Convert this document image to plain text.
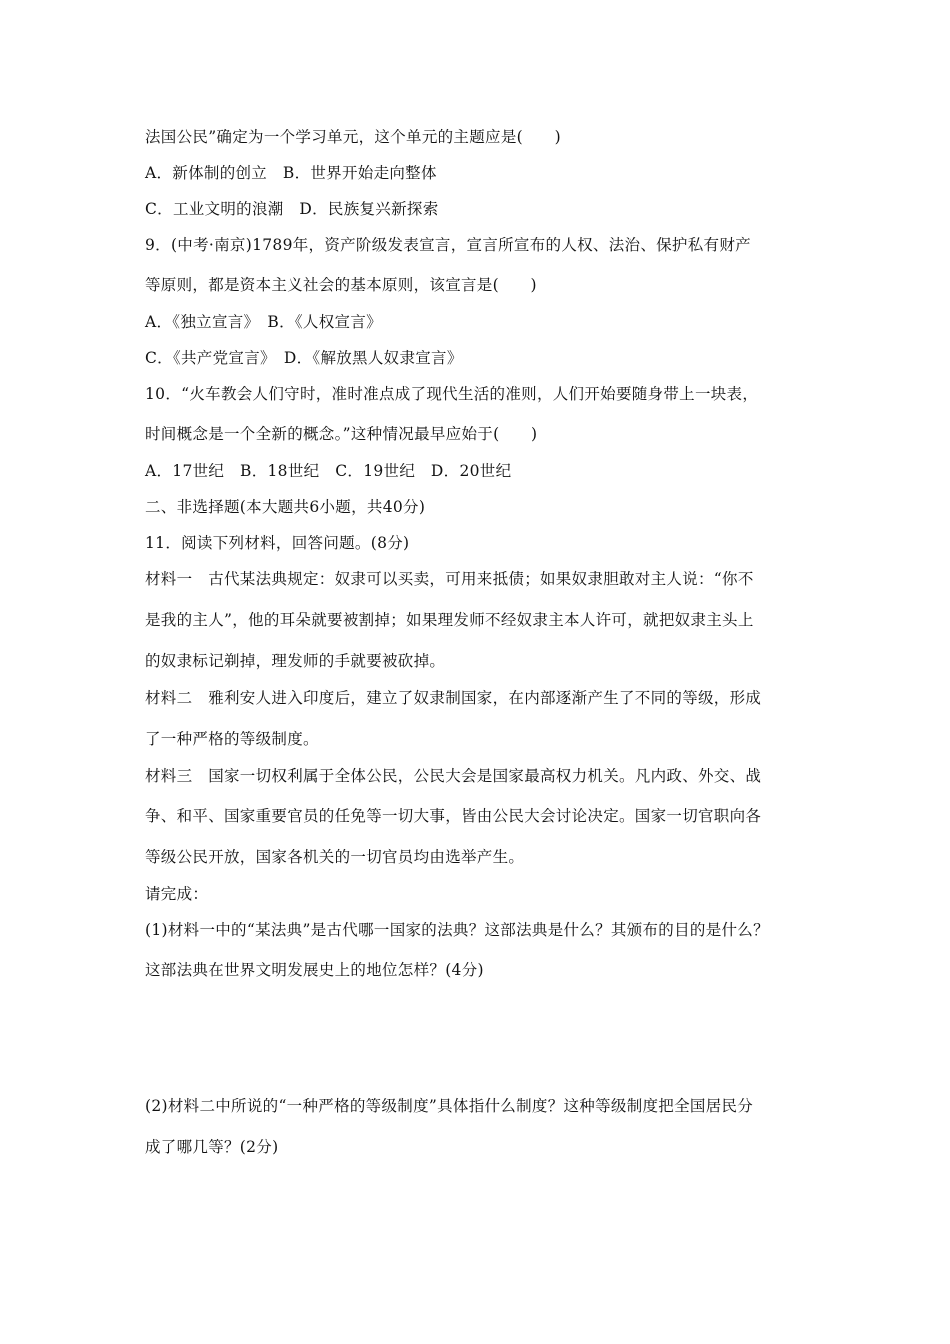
法国公民”确定为一个学习单元，这个单元的主题应是(　　)
A．新体制的创立　B．世界开始走向整体
C．工业文明的浪潮　D．民族复兴新探索
9．(中考·南京)1789年，资产阶级发表宣言，宣言所宣布的人权、法治、保护私有财产
等原则，都是资本主义社会的基本原则，该宣言是(　　)
A．《独立宣言》　B．《人权宣言》
C．《共产党宣言》　D．《解放黑人奴隶宣言》
10．“火车教会人们守时，准时准点成了现代生活的准则，人们开始要随身带上一块表，
时间概念是一个全新的概念。”这种情况最早应始于(　　)
A．17世纪　B．18世纪　C．19世纪　D．20世纪
二、非选择题(本大题共6小题，共40分)
11．阅读下列材料，回答问题。(8分)
材料一　古代某法典规定：奴隶可以买卖，可用来抵债；如果奴隶胆敢对主人说：“你不
是我的主人”，他的耳朵就要被割掉；如果理发师不经奴隶主本人许可，就把奴隶主头上
的奴隶标记剃掉，理发师的手就要被砍掉。
材料二　雅利安人进入印度后，建立了奴隶制国家，在内部逐渐产生了不同的等级，形成
了一种严格的等级制度。
材料三　国家一切权利属于全体公民，公民大会是国家最高权力机关。凡内政、外交、战
争、和平、国家重要官员的任免等一切大事，皆由公民大会讨论决定。国家一切官职向各
等级公民开放，国家各机关的一切官员均由选举产生。
请完成：
(1)材料一中的“某法典”是古代哪一国家的法典？这部法典是什么？其颁布的目的是什么？
这部法典在世界文明发展史上的地位怎样？(4分)
(2)材料二中所说的“一种严格的等级制度”具体指什么制度？这种等级制度把全国居民分
成了哪几等？(2分)
